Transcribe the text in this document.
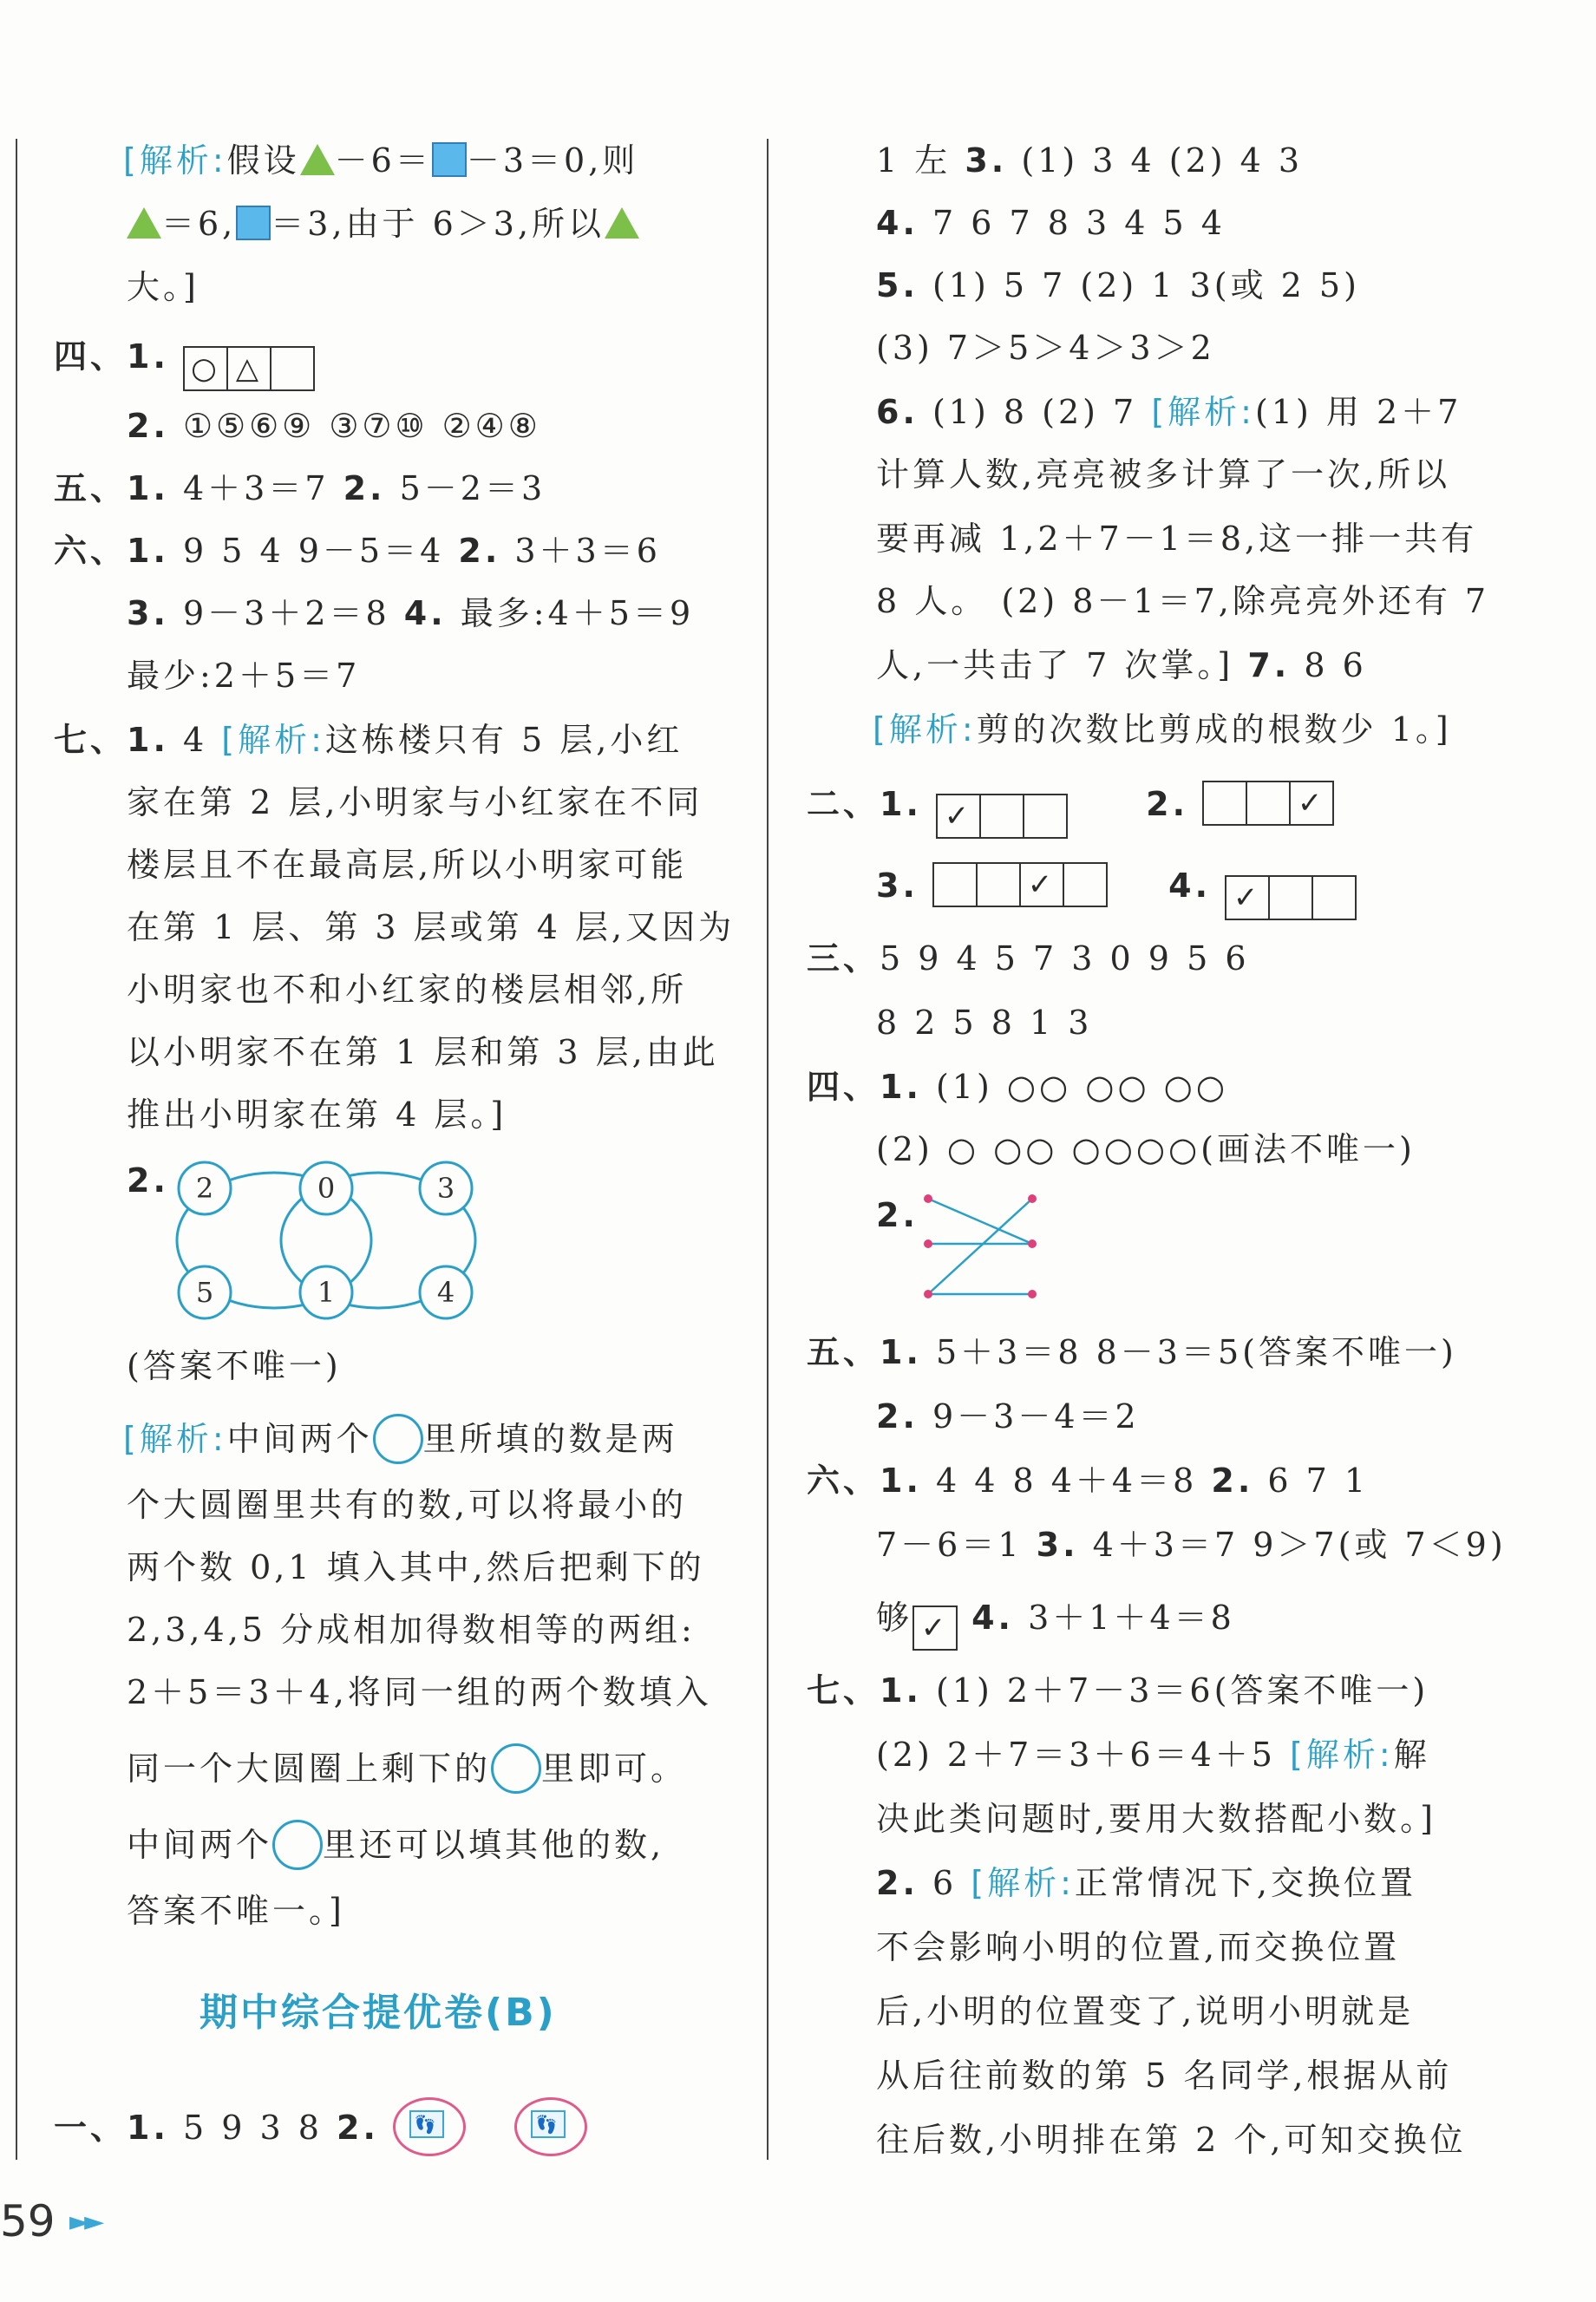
[解析:假设 －6＝ －3＝0,则
＝6, ＝3,由于 6＞3,所以
大。]
四、1. ○ △
2. ①⑤⑥⑨ ③⑦⑩ ②④⑧
五、1. 4＋3＝7 2. 5－2＝3
六、1. 9 5 4 9－5＝4 2. 3＋3＝6
3. 9－3＋2＝8 4. 最多:4＋5＝9
最少:2＋5＝7
七、1. 4 [解析:这栋楼只有 5 层,小红
家在第 2 层,小明家与小红家在不同
楼层且不在最高层,所以小明家可能
在第 1 层、第 3 层或第 4 层,又因为
小明家也不和小红家的楼层相邻,所
以小明家不在第 1 层和第 3 层,由此
推出小明家在第 4 层。]
2. 2	0	3
5	1	4
(答案不唯一)
[解析:中间两个 里所填的数是两
个大圆圈里共有的数,可以将最小的
两个数 0,1 填入其中,然后把剩下的
2,3,4,5 分成相加得数相等的两组:
2＋5＝3＋4,将同一组的两个数填入
同一个大圆圈上剩下的 里即可。
中间两个 里还可以填其他的数,
答案不唯一。]
期中综合提优卷(B)
一、1. 5 9 3 8 2. 👣
	👣
1 左 3. (1) 3 4 (2) 4 3
4. 7 6 7 8 3 4 5 4
5. (1) 5 7 (2) 1 3(或 2 5)
(3) 7＞5＞4＞3＞2
6. (1) 8 (2) 7 [解析:(1) 用 2＋7
计算人数,亮亮被多计算了一次,所以
要再减 1,2＋7－1＝8,这一排一共有
8 人。 (2) 8－1＝7,除亮亮外还有 7
人,一共击了 7 次掌。] 7. 8 6
[解析:剪的次数比剪成的根数少 1。]
二、1. ✓	2.	✓
3.	✓	4. ✓
三、5 9 4 5 7 3 0 9 5 6
8 2 5 8 1 3
四、1. (1) ○○ ○○ ○○
(2) ○ ○○ ○○○○(画法不唯一)
2.
五、1. 5＋3＝8 8－3＝5(答案不唯一)
2. 9－3－4＝2
六、1. 4 4 8 4＋4＝8 2. 6 7 1
7－6＝1 3. 4＋3＝7 9＞7(或 7＜9)
够 ✓ 4. 3＋1＋4＝8
七、1. (1) 2＋7－3＝6(答案不唯一)
(2) 2＋7＝3＋6＝4＋5 [解析:解
决此类问题时,要用大数搭配小数。]
2. 6 [解析:正常情况下,交换位置
不会影响小明的位置,而交换位置
后,小明的位置变了,说明小明就是
从后往前数的第 5 名同学,根据从前
往后数,小明排在第 2 个,可知交换位
59 ►►
